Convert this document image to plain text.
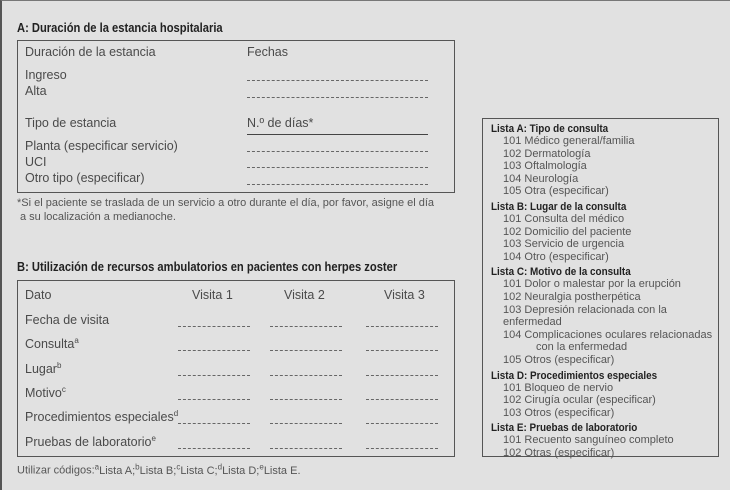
A: Duración de la estancia hospitalaria
Duración de la estancia	Fechas
Ingreso
Alta
Tipo de estancia	N.º de días*
Planta (especificar servicio)
UCI
Otro tipo (especificar)
*Si el paciente se traslada de un servicio a otro durante el día, por favor, asigne el día
a su localización a medianoche.
B: Utilización de recursos ambulatorios en pacientes con herpes zoster
Dato	Visita 1	Visita 2	Visita 3
Fecha de visita
Consulta$^a$
Lugar$^b$
Motivo$^c$
Procedimientos especiales$^d$
Pruebas de laboratorio$^e$
Utilizar códigos:$^a$Lista A;$^b$Lista B;$^c$Lista C;$^d$Lista D;$^e$Lista E.
Lista A: Tipo de consulta
101 Médico general/familia
102 Dermatología
103 Oftalmología
104 Neurología
105 Otra (especificar)
Lista B: Lugar de la consulta
101 Consulta del médico
102 Domicilio del paciente
103 Servicio de urgencia
104 Otro (especificar)
Lista C: Motivo de la consulta
101 Dolor o malestar por la erupción
102 Neuralgia postherpética
103 Depresión relacionada con la enfermedad
104 Complicaciones oculares relacionadas
con la enfermedad
105 Otros (especificar)
Lista D: Procedimientos especiales
101 Bloqueo de nervio
102 Cirugía ocular (especificar)
103 Otros (especificar)
Lista E: Pruebas de laboratorio
101 Recuento sanguíneo completo
102 Otras (especificar)
